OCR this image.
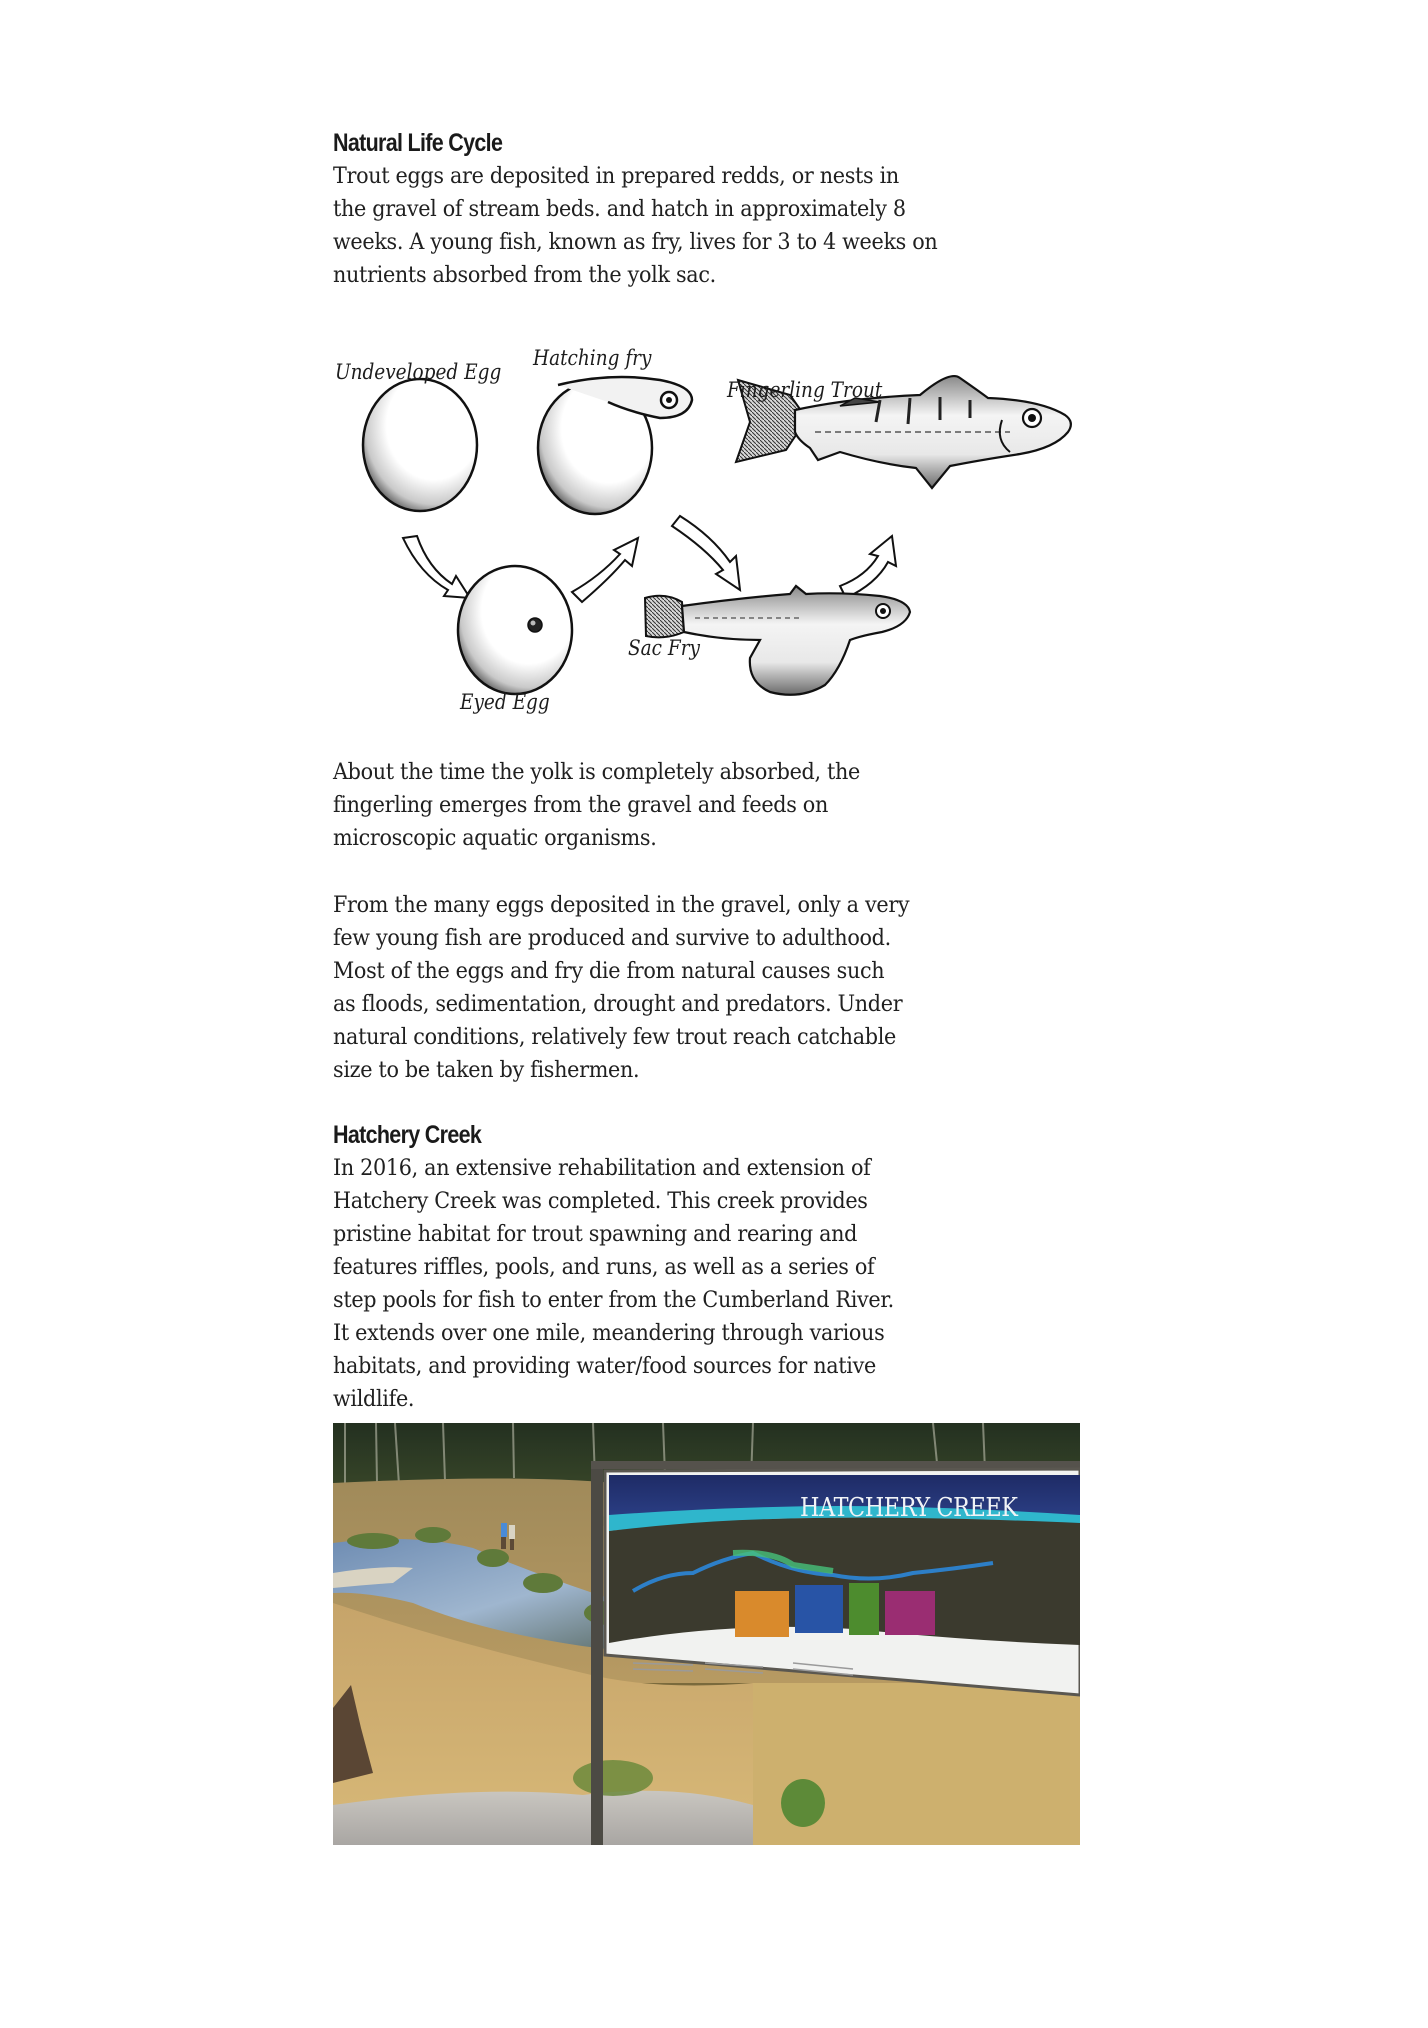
Natural Life Cycle
Trout eggs are deposited in prepared redds, or nests in
the gravel of stream beds. and hatch in approximately 8
weeks. A young fish, known as fry, lives for 3 to 4 weeks on
nutrients absorbed from the yolk sac.
Undeveloped Egg
Hatching fry
Fingerling Trout
Sac Fry
Eyed Egg
About the time the yolk is completely absorbed, the
fingerling emerges from the gravel and feeds on
microscopic aquatic organisms.
From the many eggs deposited in the gravel, only a very
few young fish are produced and survive to adulthood.
Most of the eggs and fry die from natural causes such
as floods, sedimentation, drought and predators. Under
natural conditions, relatively few trout reach catchable
size to be taken by fishermen.
Hatchery Creek
In 2016, an extensive rehabilitation and extension of
Hatchery Creek was completed. This creek provides
pristine habitat for trout spawning and rearing and
features riffles, pools, and runs, as well as a series of
step pools for fish to enter from the Cumberland River.
It extends over one mile, meandering through various
habitats, and providing water/food sources for native
wildlife.
HATCHERY CREEK
